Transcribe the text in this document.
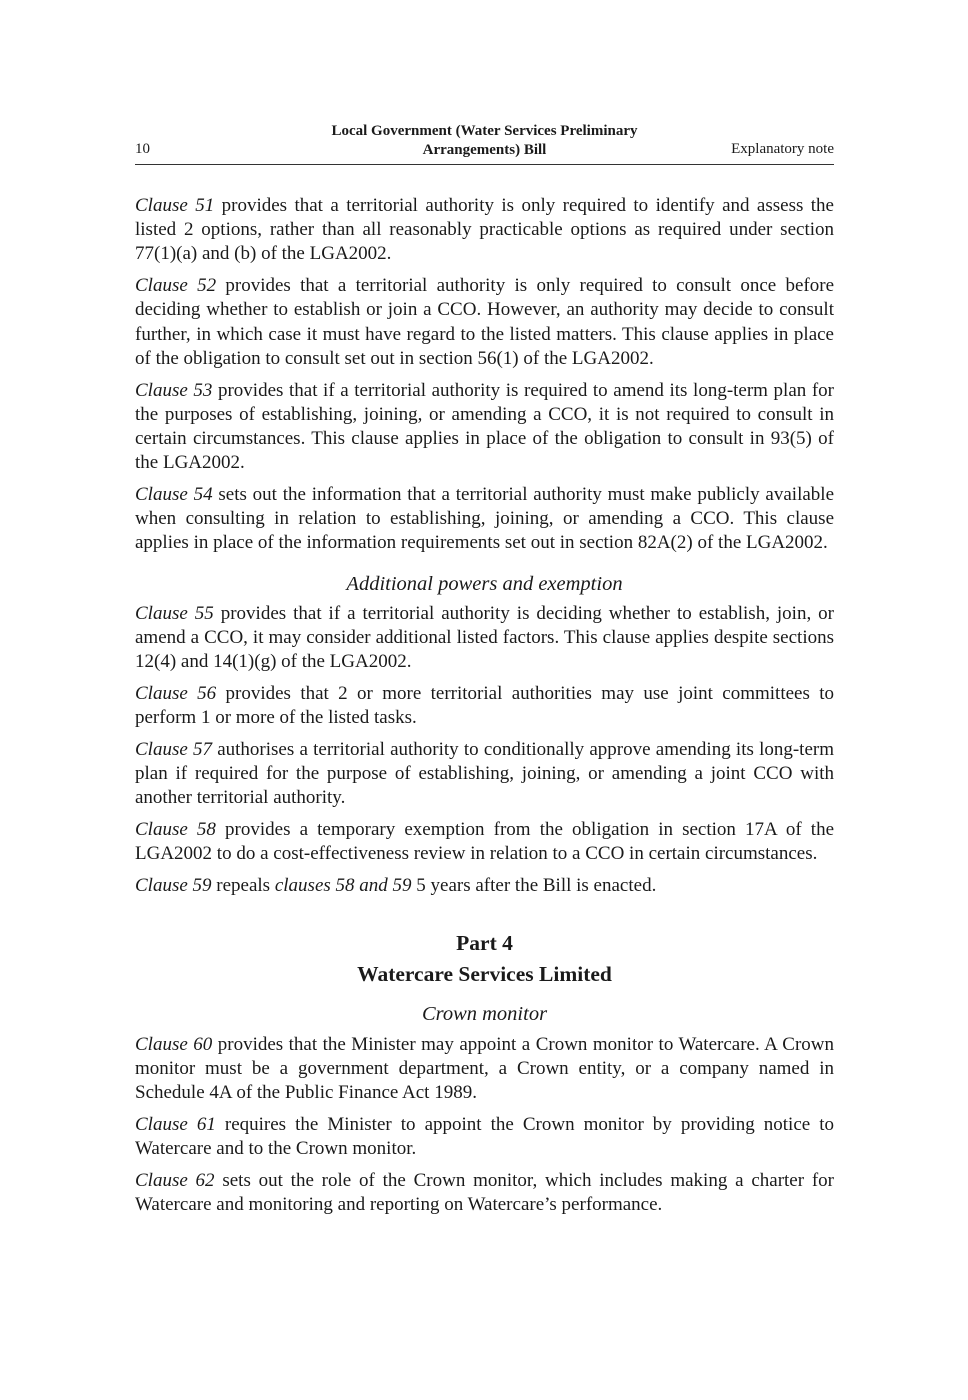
10
Local Government (Water Services Preliminary
Arrangements) Bill	Explanatory note

Clause 51 provides that a territorial authority is only required to identify and assess the listed 2 options, rather than all reasonably practicable options as required under section 77(1)(a) and (b) of the LGA2002.

Clause 52 provides that a territorial authority is only required to consult once before deciding whether to establish or join a CCO. However, an authority may decide to consult further, in which case it must have regard to the listed matters. This clause applies in place of the obligation to consult set out in section 56(1) of the LGA2002.

Clause 53 provides that if a territorial authority is required to amend its long-term plan for the purposes of establishing, joining, or amending a CCO, it is not required to consult in certain circumstances. This clause applies in place of the obligation to consult in 93(5) of the LGA2002.

Clause 54 sets out the information that a territorial authority must make publicly available when consulting in relation to establishing, joining, or amending a CCO. This clause applies in place of the information requirements set out in section 82A(2) of the LGA2002.

Additional powers and exemption

Clause 55 provides that if a territorial authority is deciding whether to establish, join, or amend a CCO, it may consider additional listed factors. This clause applies despite sections 12(4) and 14(1)(g) of the LGA2002.

Clause 56 provides that 2 or more territorial authorities may use joint committees to perform 1 or more of the listed tasks.

Clause 57 authorises a territorial authority to conditionally approve amending its long-term plan if required for the purpose of establishing, joining, or amending a joint CCO with another territorial authority.

Clause 58 provides a temporary exemption from the obligation in section 17A of the LGA2002 to do a cost-effectiveness review in relation to a CCO in certain circumstances.

Clause 59 repeals clauses 58 and 59 5 years after the Bill is enacted.

Part 4
Watercare Services Limited
Crown monitor

Clause 60 provides that the Minister may appoint a Crown monitor to Watercare. A Crown monitor must be a government department, a Crown entity, or a company named in Schedule 4A of the Public Finance Act 1989.

Clause 61 requires the Minister to appoint the Crown monitor by providing notice to Watercare and to the Crown monitor.

Clause 62 sets out the role of the Crown monitor, which includes making a charter for Watercare and monitoring and reporting on Watercare’s performance.
